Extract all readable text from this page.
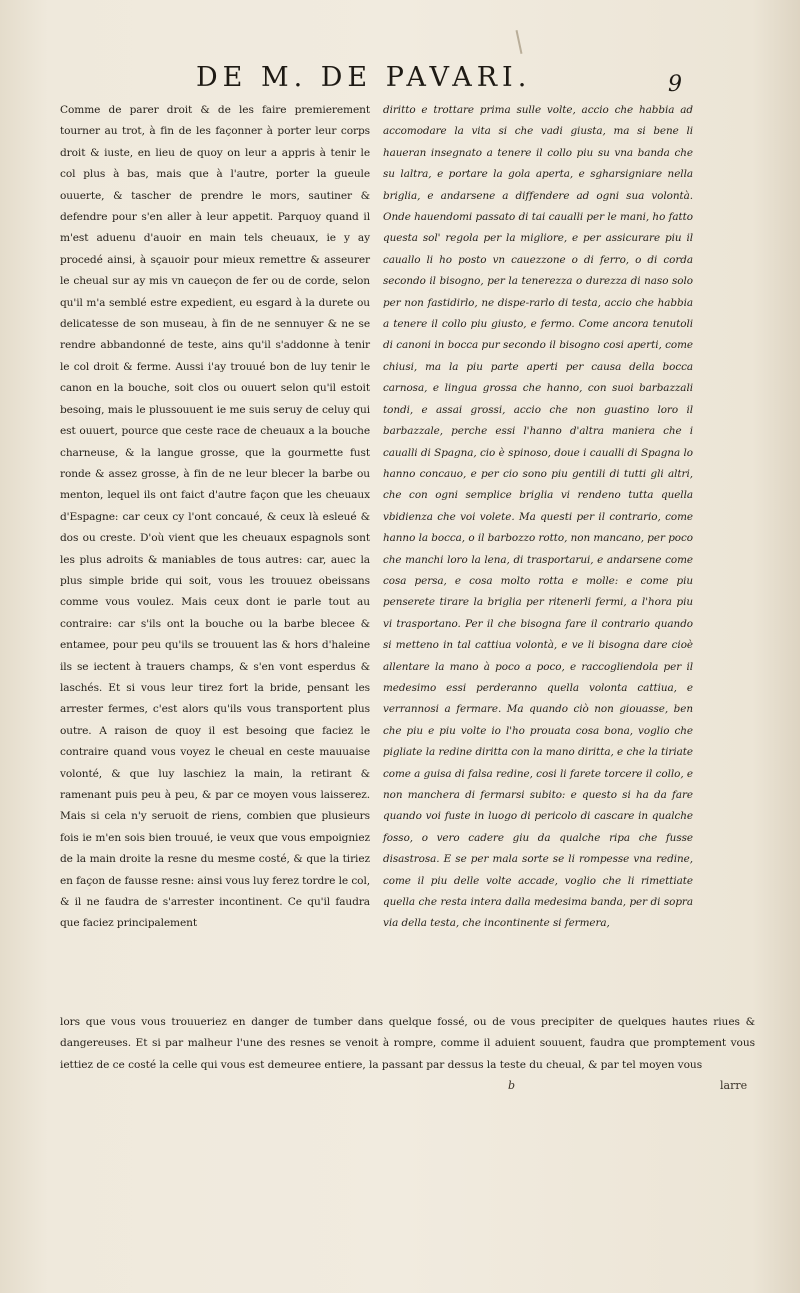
DE M. DE PAVARI.	9
Comme de parer droit & de les faire premierement tourner au trot, à fin de les façonner à porter leur corps droit & iuste, en lieu de quoy on leur a appris à tenir le col plus à bas, mais que à l'autre, porter la gueule ouuerte, & tascher de prendre le mors, sautiner & defendre pour s'en aller à leur appetit. Parquoy quand il m'est aduenu d'auoir en main tels cheuaux, ie y ay procedé ainsi, à sçauoir pour mieux remettre & asseurer le cheual sur ay mis vn caueçon de fer ou de corde, selon qu'il m'a semblé estre expedient, eu esgard à la durete ou delicatesse de son museau, à fin de ne sennuyer & ne se rendre abbandonné de teste, ains qu'il s'addonne à tenir le col droit & ferme. Aussi i'ay trouué bon de luy tenir le canon en la bouche, soit clos ou ouuert selon qu'il estoit besoing, mais le plussouuent ie me suis seruy de celuy qui est ouuert, pource que ceste race de cheuaux a la bouche charneuse, & la langue grosse, que la gourmette fust ronde & assez grosse, à fin de ne leur blecer la barbe ou menton, lequel ils ont faict d'autre façon que les cheuaux d'Espagne: car ceux cy l'ont concaué, & ceux là esleué & dos ou creste. D'où vient que les cheuaux espagnols sont les plus adroits & maniables de tous autres: car, auec la plus simple bride qui soit, vous les trouuez obeissans comme vous voulez. Mais ceux dont ie parle tout au contraire: car s'ils ont la bouche ou la barbe blecee & entamee, pour peu qu'ils se trouuent las & hors d'haleine ils se iectent à trauers champs, & s'en vont esperdus & laschés. Et si vous leur tirez fort la bride, pensant les arrester fermes, c'est alors qu'ils vous transportent plus outre. A raison de quoy il est besoing que faciez le contraire quand vous voyez le cheual en ceste mauuaise volonté, & que luy laschiez la main, la retirant & ramenant puis peu à peu, & par ce moyen vous laisserez. Mais si cela n'y seruoit de riens, combien que plusieurs fois ie m'en sois bien trouué, ie veux que vous empoigniez de la main droite la resne du mesme costé, & que la tiriez en façon de fausse resne: ainsi vous luy ferez tordre le col, & il ne faudra de s'arrester incontinent. Ce qu'il faudra que faciez principalement
diritto e trottare prima sulle volte, accio che habbia ad accomodare la vita si che vadi giusta, ma si bene li haueran insegnato a tenere il collo piu su vna banda che su laltra, e portare la gola aperta, e sgharsigniare nella briglia, e andarsene a diffendere ad ogni sua volontà. Onde hauendomi passato di tai caualli per le mani, ho fatto questa sol' regola per la migliore, e per assicurare piu il cauallo li ho posto vn cauezzone o di ferro, o di corda secondo il bisogno, per la tenerezza o durezza di naso solo per non fastidirlo, ne dispe-rarlo di testa, accio che habbia a tenere il collo piu giusto, e fermo. Come ancora tenutoli di canoni in bocca pur secondo il bisogno cosi aperti, come chiusi, ma la piu parte aperti per causa della bocca carnosa, e lingua grossa che hanno, con suoi barbazzali tondi, e assai grossi, accio che non guastino loro il barbazzale, perche essi l'hanno d'altra maniera che i caualli di Spagna, cio è spinoso, doue i caualli di Spagna lo hanno concauo, e per cio sono piu gentili di tutti gli altri, che con ogni semplice briglia vi rendeno tutta quella vbidienza che voi volete. Ma questi per il contrario, come hanno la bocca, o il barbozzo rotto, non mancano, per poco che manchi loro la lena, di trasportarui, e andarsene come cosa persa, e cosa molto rotta e molle: e come piu penserete tirare la briglia per ritenerli fermi, a l'hora piu vi trasportano. Per il che bisogna fare il contrario quando si metteno in tal cattiua volontà, e ve li bisogna dare cioè allentare la mano à poco a poco, e raccogliendola per il medesimo essi perderanno quella volonta cattiua, e verrannosi a fermare. Ma quando ciò non giouasse, ben che piu e piu volte io l'ho prouata cosa bona, voglio che pigliate la redine diritta con la mano diritta, e che la tiriate come a guisa di falsa redine, cosi li farete torcere il collo, e non manchera di fermarsi subito: e questo si ha da fare quando voi fuste in luogo di pericolo di cascare in qualche fosso, o vero cadere giu da qualche ripa che fusse disastrosa. E se per mala sorte se li rompesse vna redine, come il piu delle volte accade, voglio che li rimettiate quella che resta intera dalla medesima banda, per di sopra via della testa, che incontinente si fermera,
lors que vous vous trouueriez en danger de tumber dans quelque fossé, ou de vous precipiter de quelques hautes riues & dangereuses. Et si par malheur l'une des resnes se venoit à rompre, comme il aduient souuent, faudra que promptement vous iettiez de ce costé la celle qui vous est demeuree entiere, la passant par dessus la teste du cheual, & par tel moyen vous
b	larre
